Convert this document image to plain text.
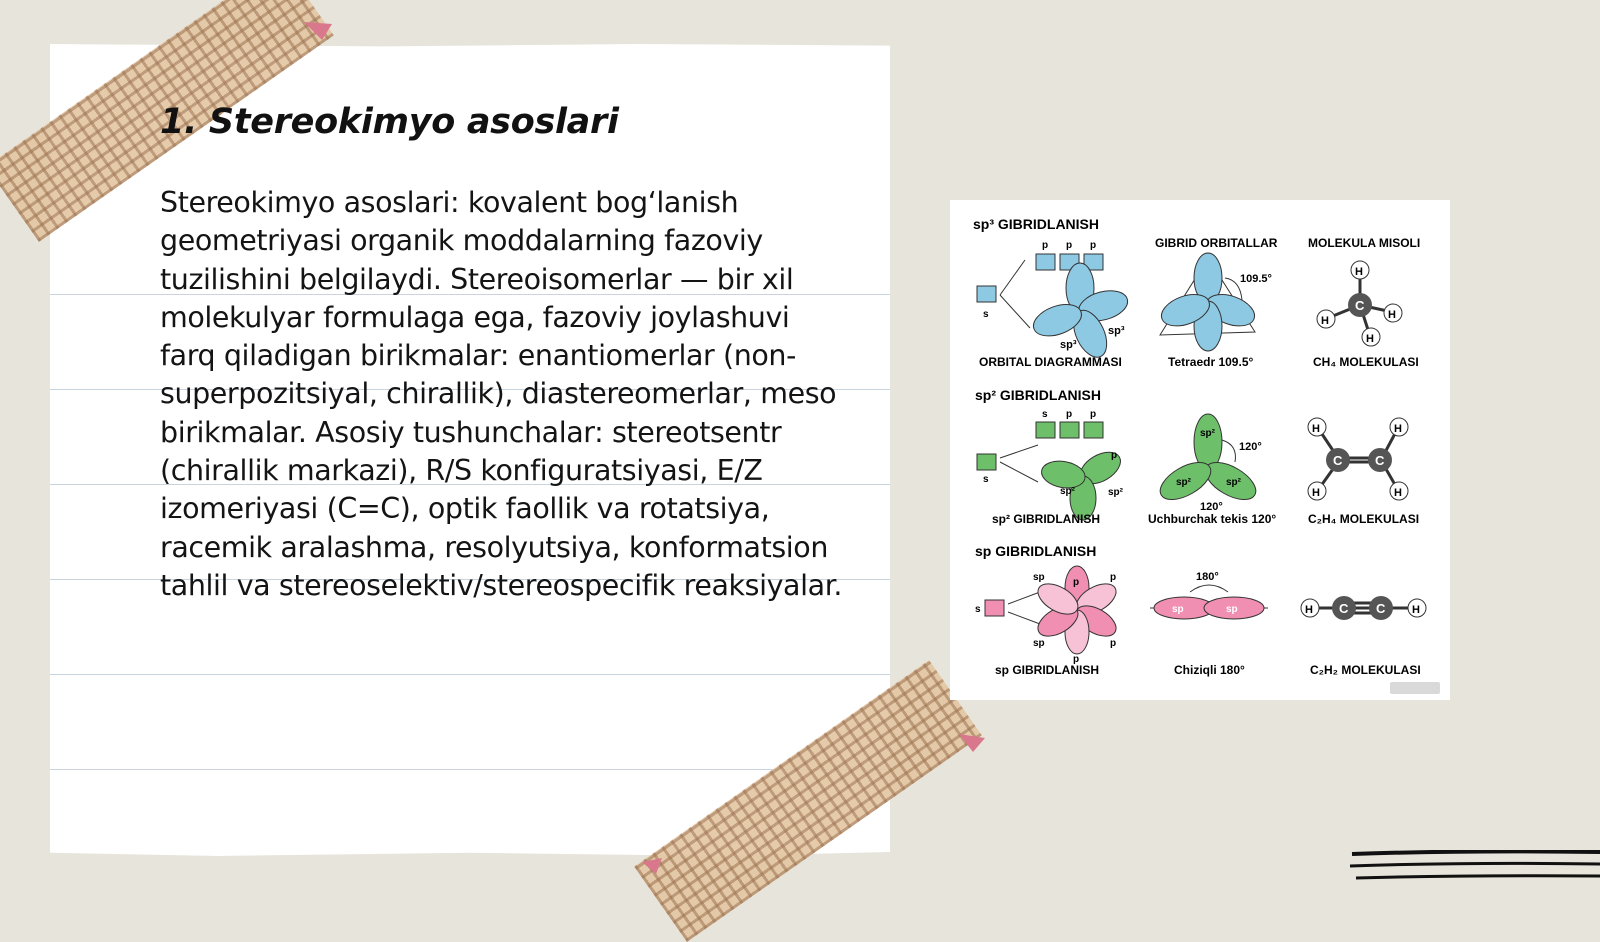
1. Stereokimyo asoslari

Stereokimyo asoslari: kovalent bog‘lanish geometriyasi organik moddalarning fazoviy tuzilishini belgilaydi. Stereoisomerlar — bir xil molekulyar formulaga ega, fazoviy joylashuvi farq qiladigan birikmalar: enantiomerlar (non-superpozitsiyal, chirallik), diastereomerlar, meso birikmalar. Asosiy tushunchalar: stereotsentr (chirallik markazi), R/S konfiguratsiyasi, E/Z izomeriyasi (C=C), optik faollik va rotatsiya, racemik aralashma, resolyutsiya, konformatsion tahlil va stereoselektiv/stereospecifik reaksiyalar.

sp³ GIBRIDLANISH
GIBRID ORBITALLAR	MOLEKULA MISOLI
s
p p p
sp³
sp³
ORBITAL DIAGRAMMASI
109.5°
Tetraedr 109.5°
C
H
H	H
H
CH₄ MOLEKULASI
sp² GIBRIDLANISH
s
s p p
sp²
p
sp²
sp² GIBRIDLANISH
sp²
sp²	sp²
120°
120°
Uchburchak tekis 120°
C	C
H	H
H	H
C₂H₄ MOLEKULASI
sp GIBRIDLANISH
s
p
sp	p
sp	p
p
sp GIBRIDLANISH
sp	sp
180°
Chiziqli 180°
H C C H
C₂H₂ MOLEKULASI
